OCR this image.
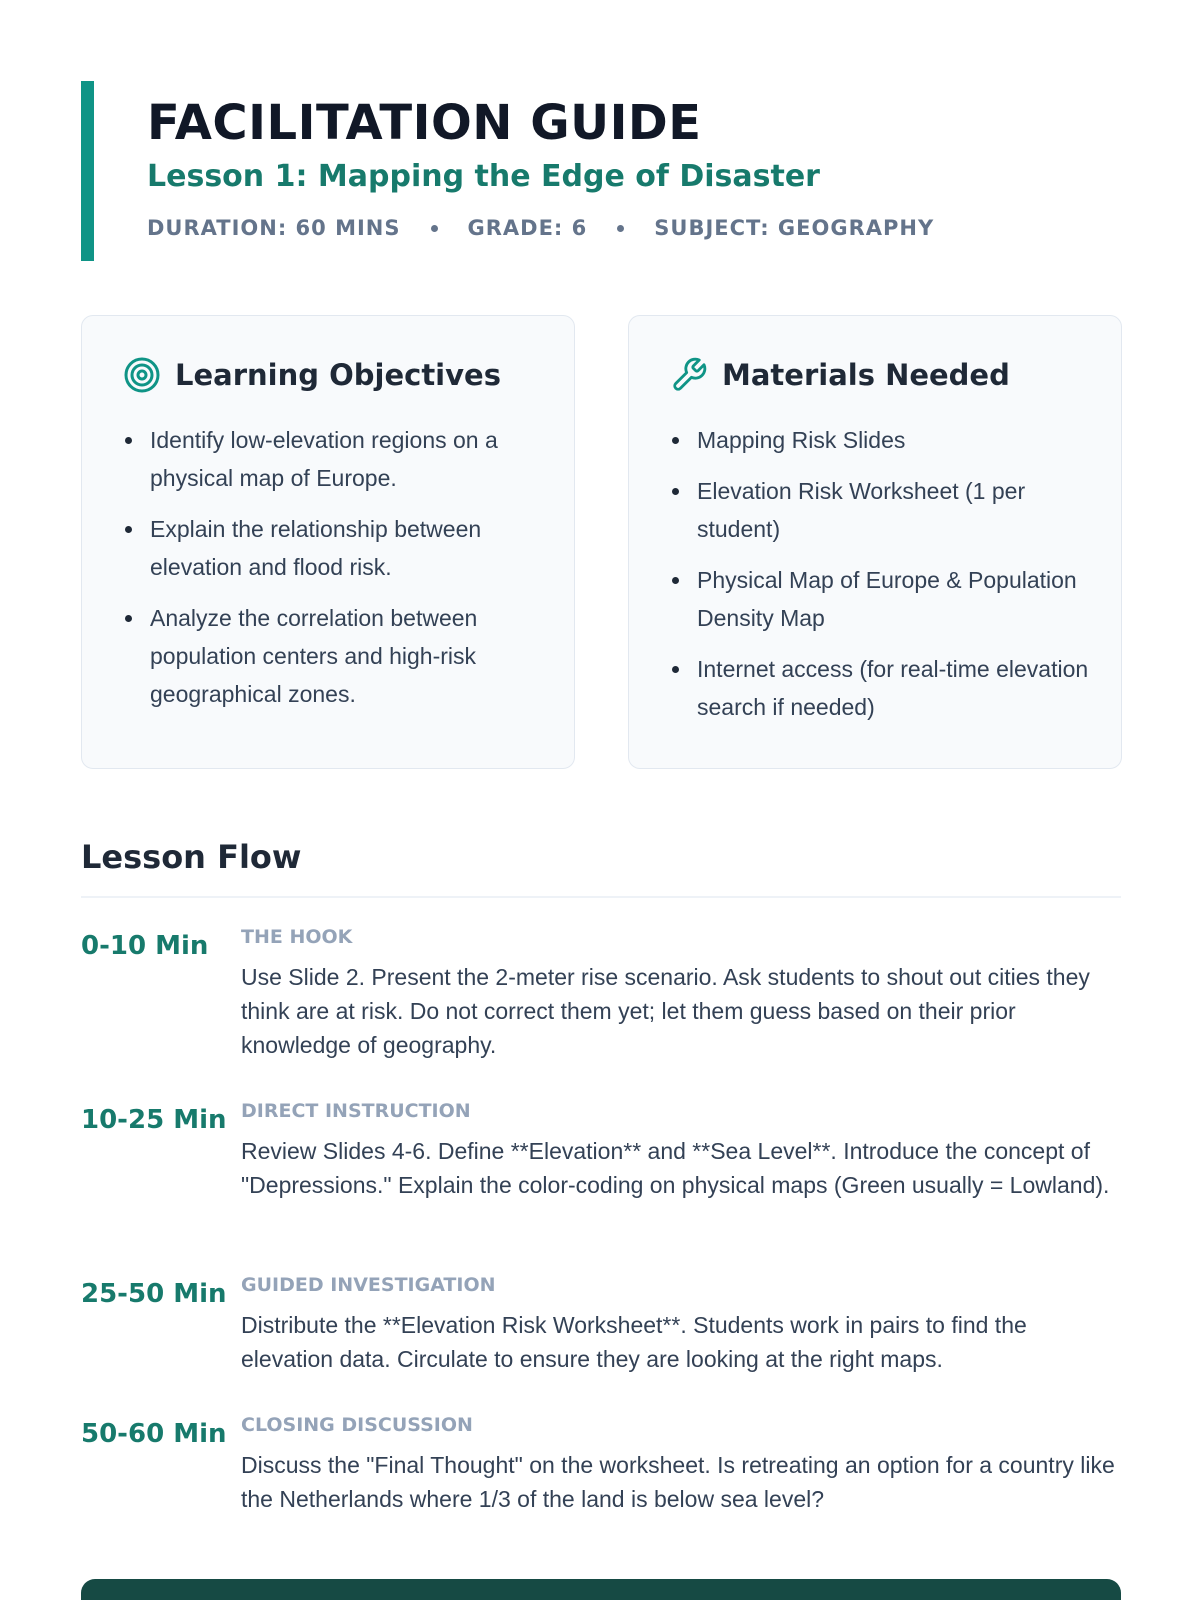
FACILITATION GUIDE
Lesson 1: Mapping the Edge of Disaster
DURATION: 60 MINS	GRADE: 6	SUBJECT: GEOGRAPHY
Learning Objectives
Identify low-elevation regions on a physical map of Europe.
Explain the relationship between elevation and flood risk.
Analyze the correlation between population centers and high-risk geographical zones.
Materials Needed
Mapping Risk Slides
Elevation Risk Worksheet (1 per student)
Physical Map of Europe & Population Density Map
Internet access (for real-time elevation search if needed)
Lesson Flow
0-10 Min	THE HOOK
Use Slide 2. Present the 2-meter rise scenario. Ask students to shout out cities they think are at risk. Do not correct them yet; let them guess based on their prior knowledge of geography.
10-25 Min DIRECT INSTRUCTION
Review Slides 4-6. Define **Elevation** and **Sea Level**. Introduce the concept of "Depressions." Explain the color-coding on physical maps (Green usually = Lowland).
25-50 Min GUIDED INVESTIGATION
Distribute the **Elevation Risk Worksheet**. Students work in pairs to find the elevation data. Circulate to ensure they are looking at the right maps.
50-60 Min CLOSING DISCUSSION
Discuss the "Final Thought" on the worksheet. Is retreating an option for a country like the Netherlands where 1/3 of the land is below sea level?
